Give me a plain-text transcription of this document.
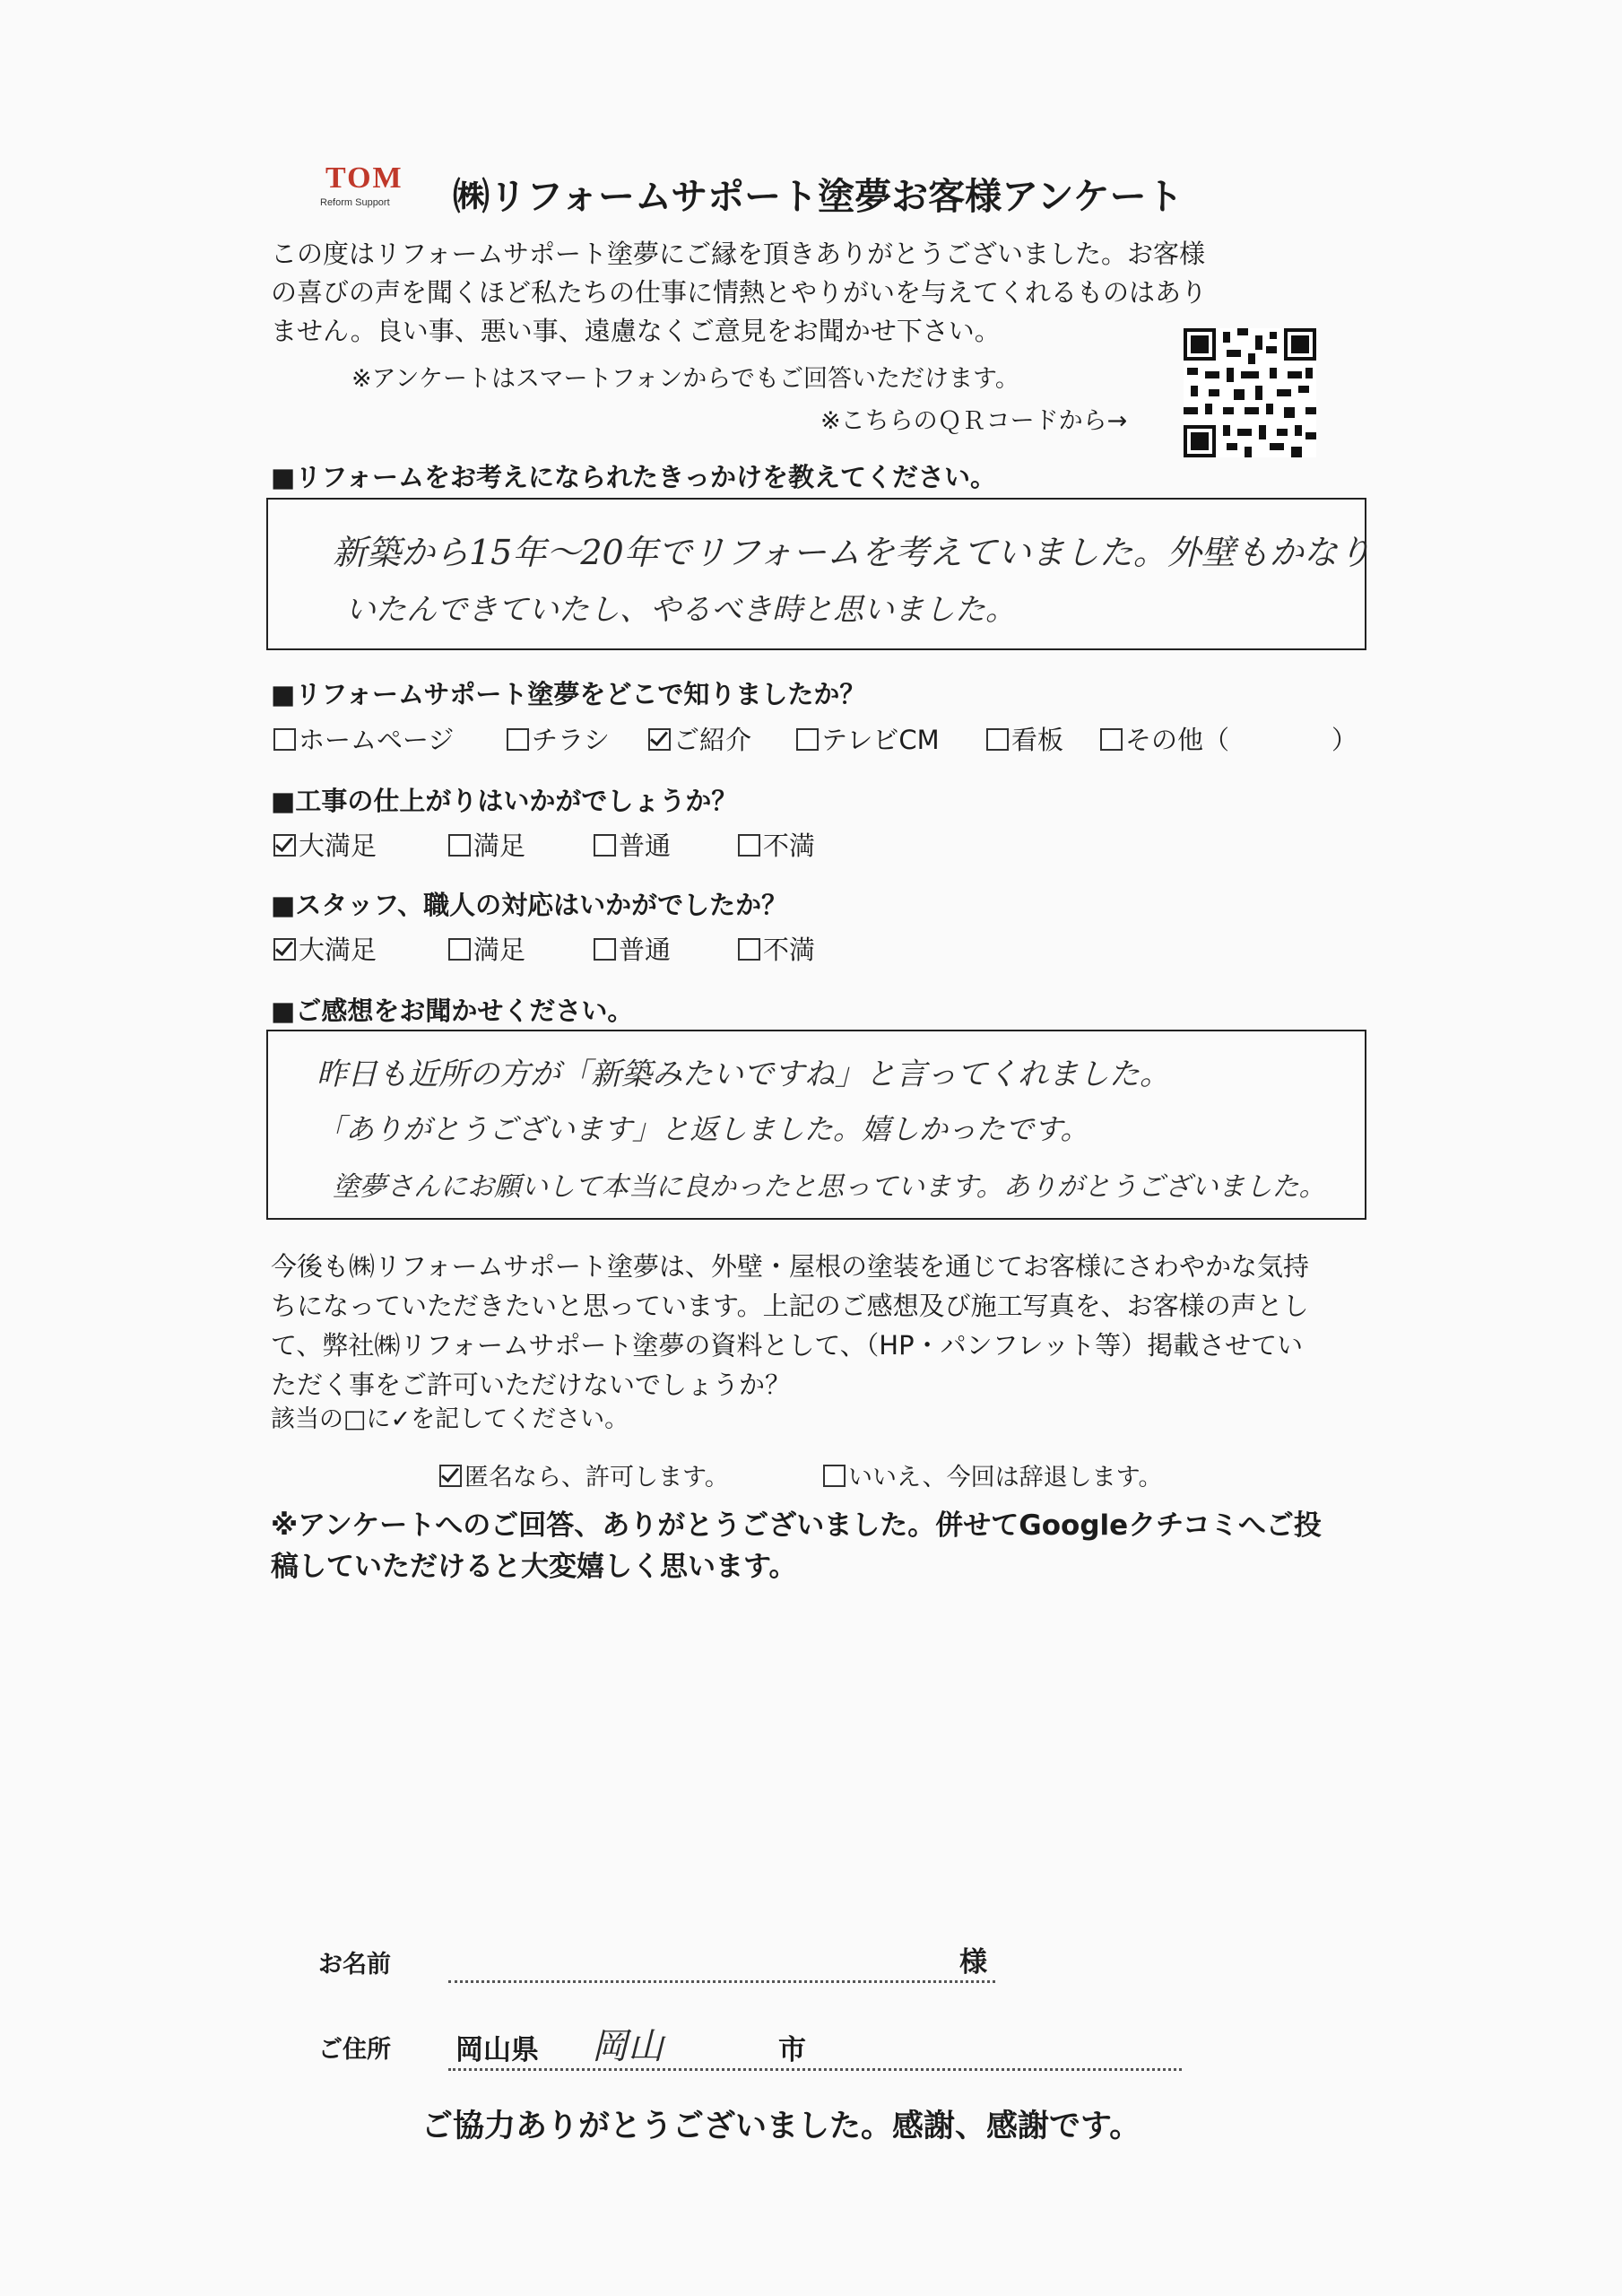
TOM
Reform Support ㈱リフォームサポート塗夢お客様アンケート
この度はリフォームサポート塗夢にご縁を頂きありがとうございました。お客様
の喜びの声を聞くほど私たちの仕事に情熱とやりがいを与えてくれるものはあり
ません。良い事、悪い事、遠慮なくご意見をお聞かせ下さい。
※アンケートはスマートフォンからでもご回答いただけます。
※こちらのＱＲコードから→
■リフォームをお考えになられたきっかけを教えてください。
新築から15年〜20年でリフォームを考えていました。外壁もかなり
いたんできていたし、やるべき時と思いました。
■リフォームサポート塗夢をどこで知りましたか？
ホームページ	チラシ	ご紹介	テレビCM	看板	その他（	）
■工事の仕上がりはいかがでしょうか？
大満足	満足	普通	不満
■スタッフ、職人の対応はいかがでしたか？
大満足	満足	普通	不満
■ご感想をお聞かせください。
昨日も近所の方が「新築みたいですね」と言ってくれました。
「ありがとうございます」と返しました。嬉しかったです。
塗夢さんにお願いして本当に良かったと思っています。ありがとうございました。
今後も㈱リフォームサポート塗夢は、外壁・屋根の塗装を通じてお客様にさわやかな気持
ちになっていただきたいと思っています。上記のご感想及び施工写真を、お客様の声とし
て、弊社㈱リフォームサポート塗夢の資料として、（HP・パンフレット等）掲載させてい
ただく事をご許可いただけないでしょうか？
該当の□に✓を記してください。
匿名なら、許可します。	いいえ、今回は辞退します。
※アンケートへのご回答、ありがとうございました。併せてGoogleクチコミへご投
稿していただけると大変嬉しく思います。
お名前	様
ご住所 岡山県 岡山	市
ご協力ありがとうございました。感謝、感謝です。
